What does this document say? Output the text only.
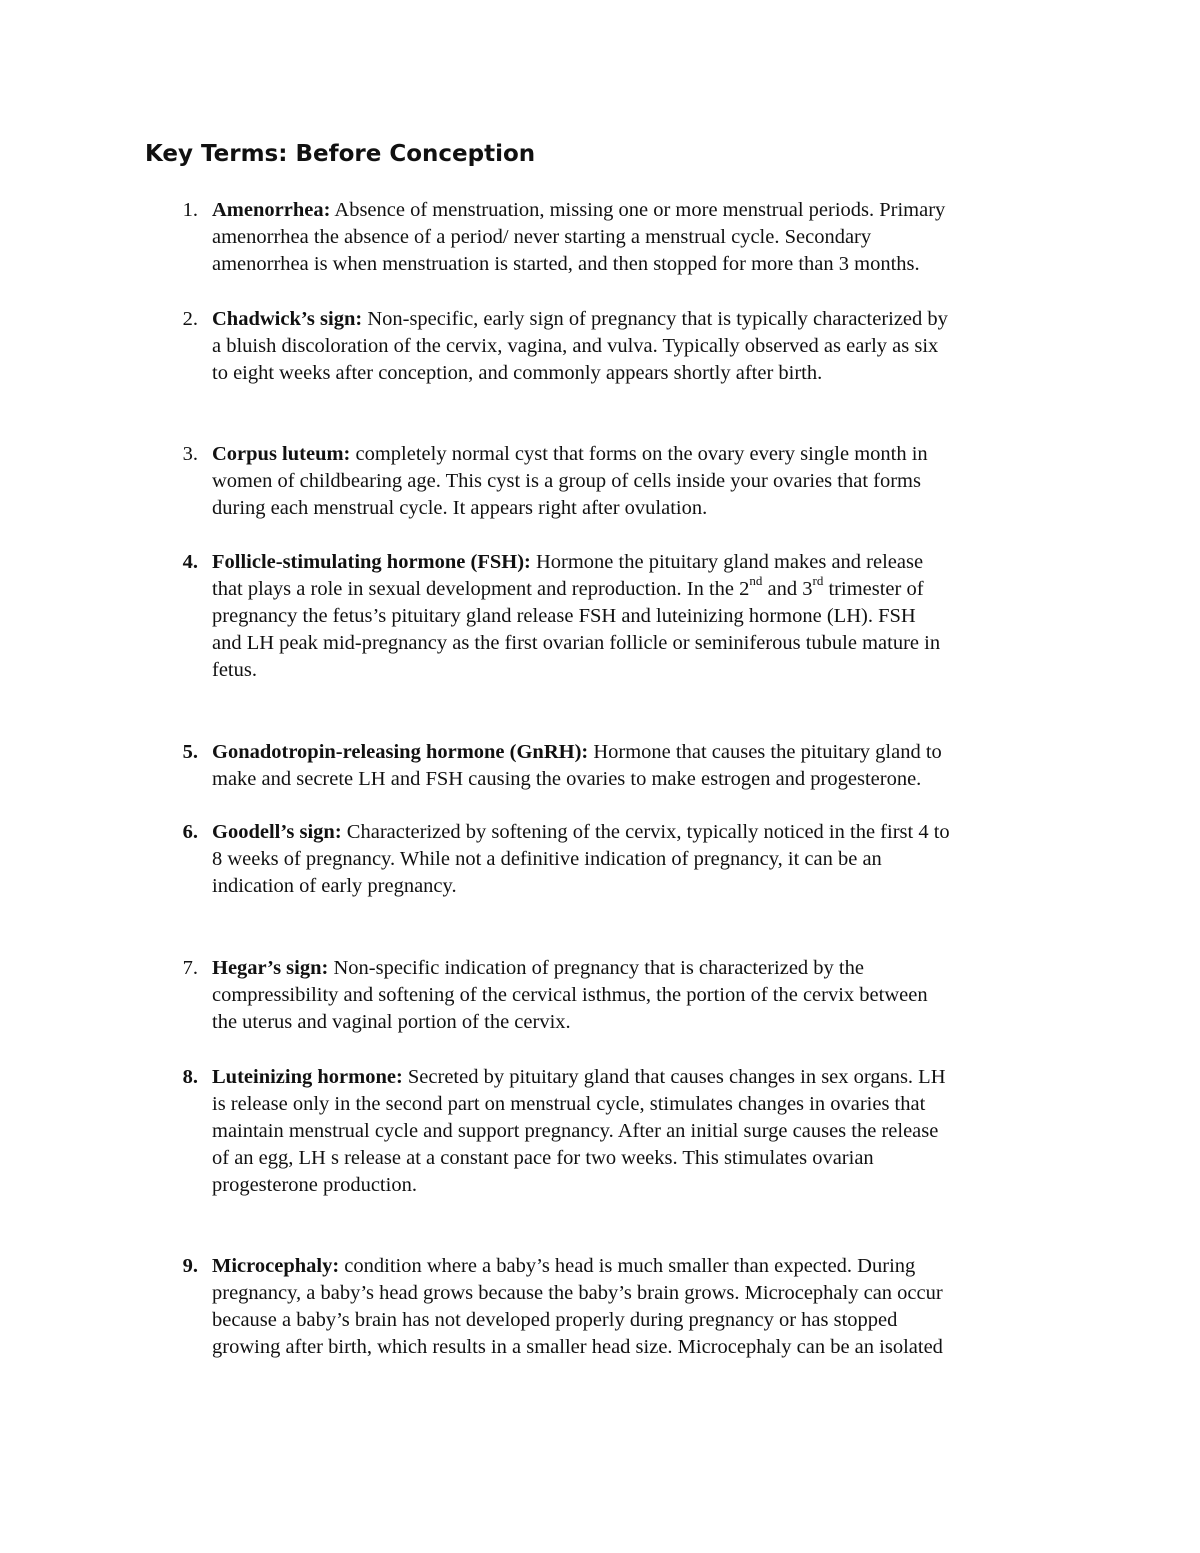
Key Terms: Before Conception
1. Amenorrhea: Absence of menstruation, missing one or more menstrual periods. Primary
amenorrhea the absence of a period/ never starting a menstrual cycle. Secondary
amenorrhea is when menstruation is started, and then stopped for more than 3 months.
2. Chadwick’s sign: Non-specific, early sign of pregnancy that is typically characterized by
a bluish discoloration of the cervix, vagina, and vulva. Typically observed as early as six
to eight weeks after conception, and commonly appears shortly after birth.
3. Corpus luteum: completely normal cyst that forms on the ovary every single month in
women of childbearing age. This cyst is a group of cells inside your ovaries that forms
during each menstrual cycle. It appears right after ovulation.
4. Follicle-stimulating hormone (FSH): Hormone the pituitary gland makes and release
that plays a role in sexual development and reproduction. In the 2nd and 3rd trimester of
pregnancy the fetus’s pituitary gland release FSH and luteinizing hormone (LH). FSH
and LH peak mid-pregnancy as the first ovarian follicle or seminiferous tubule mature in
fetus.
5. Gonadotropin-releasing hormone (GnRH): Hormone that causes the pituitary gland to
make and secrete LH and FSH causing the ovaries to make estrogen and progesterone.
6. Goodell’s sign: Characterized by softening of the cervix, typically noticed in the first 4 to
8 weeks of pregnancy. While not a definitive indication of pregnancy, it can be an
indication of early pregnancy.
7. Hegar’s sign: Non-specific indication of pregnancy that is characterized by the
compressibility and softening of the cervical isthmus, the portion of the cervix between
the uterus and vaginal portion of the cervix.
8. Luteinizing hormone: Secreted by pituitary gland that causes changes in sex organs. LH
is release only in the second part on menstrual cycle, stimulates changes in ovaries that
maintain menstrual cycle and support pregnancy. After an initial surge causes the release
of an egg, LH s release at a constant pace for two weeks. This stimulates ovarian
progesterone production.
9. Microcephaly: condition where a baby’s head is much smaller than expected. During
pregnancy, a baby’s head grows because the baby’s brain grows. Microcephaly can occur
because a baby’s brain has not developed properly during pregnancy or has stopped
growing after birth, which results in a smaller head size. Microcephaly can be an isolated
